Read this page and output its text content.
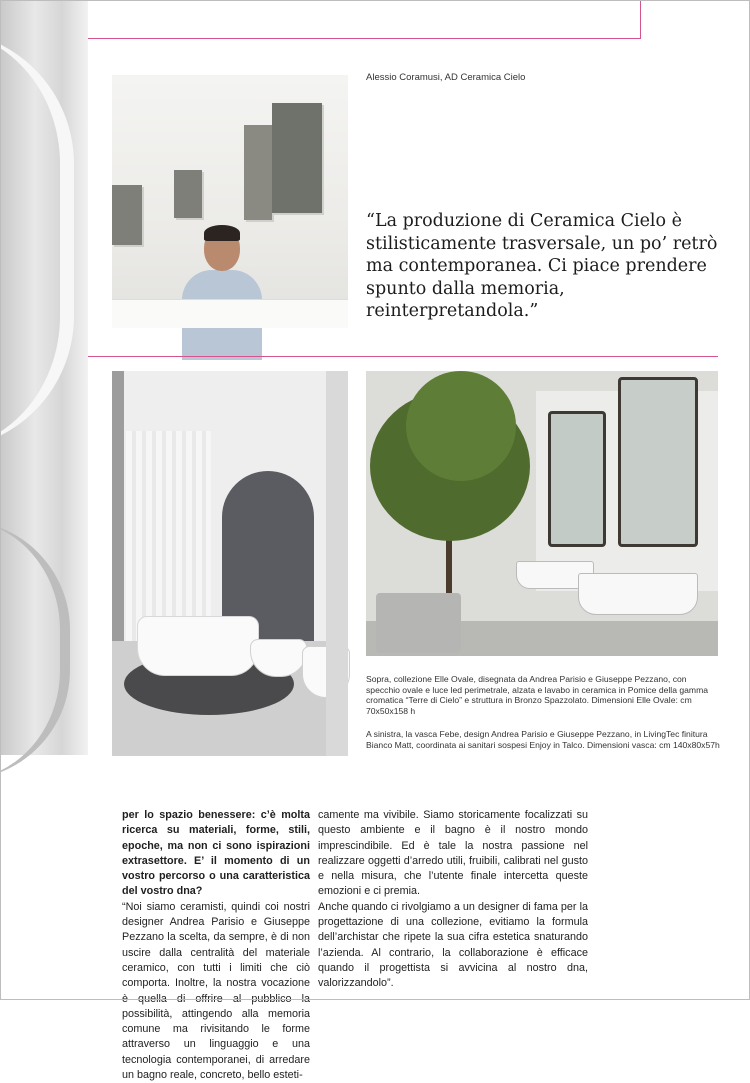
Alessio Coramusi, AD Ceramica Cielo

“La produzione di Ceramica Cielo è stilisticamente trasversale, un po’ retrò ma contemporanea. Ci piace prendere spunto dalla memoria, reinterpretandola.”

Sopra, collezione Elle Ovale, disegnata da Andrea Parisio e Giuseppe Pezzano, con specchio ovale e luce led perimetrale, alzata e lavabo in ceramica in Pomice della gamma cromatica “Terre di Cielo” e struttura in Bronzo Spazzolato. Dimensioni Elle Ovale: cm 70x50x158 h

A sinistra, la vasca Febe, design Andrea Parisio e Giuseppe Pezzano, in LivingTec finitura Bianco Matt, coordinata ai sanitari sospesi Enjoy in Talco. Dimensioni vasca: cm 140x80x57h

per lo spazio benessere: c’è molta ricerca su materiali, forme, stili, epoche, ma non ci sono ispirazioni extrasettore. E’ il momento di un vostro percorso o una caratteristica del vostro dna?

“Noi siamo ceramisti, quindi coi nostri designer Andrea Parisio e Giuseppe Pezzano la scelta, da sempre, è di non uscire dalla centralità del materiale ceramico, con tutti i limiti che ciò comporta. Inoltre, la nostra vocazione è quella di offrire al pubblico la possibilità, attingendo alla memoria comune ma rivisitando le forme attraverso un linguaggio e una tecnologia contemporanei, di arredare un bagno reale, concreto, bello esteti-

camente ma vivibile. Siamo storicamente focalizzati su questo ambiente e il bagno è il nostro mondo imprescindibile. Ed è tale la nostra passione nel realizzare oggetti d’arredo utili, fruibili, calibrati nel gusto e nella misura, che l’utente finale intercetta queste emozioni e ci premia.

Anche quando ci rivolgiamo a un designer di fama per la progettazione di una collezione, evitiamo la formula dell’archistar che ripete la sua cifra estetica snaturando l’azienda. Al contrario, la collaborazione è efficace quando il progettista si avvicina al nostro dna, valorizzandolo”.
